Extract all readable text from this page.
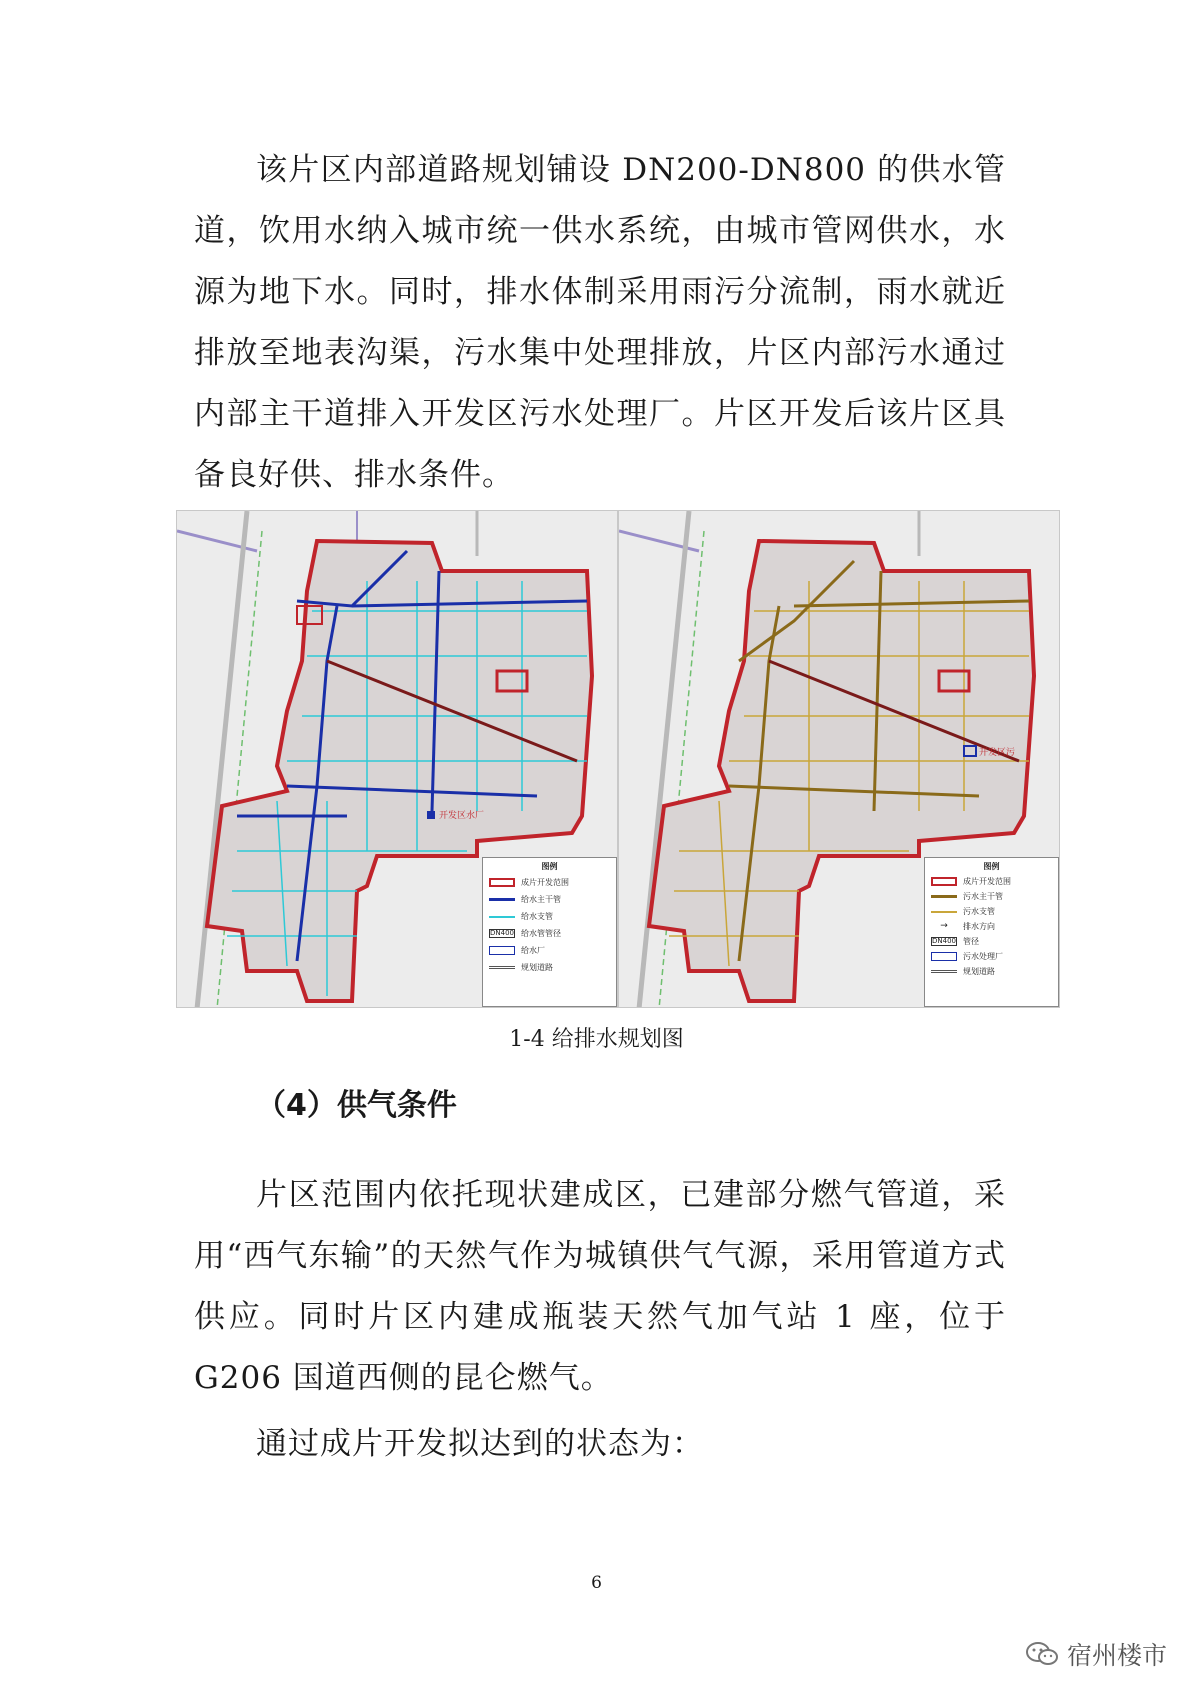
该片区内部道路规划铺设 DN200-DN800 的供水管道，饮用水纳入城市统一供水系统，由城市管网供水，水源为地下水。同时，排水体制采用雨污分流制，雨水就近排放至地表沟渠，污水集中处理排放，片区内部污水通过内部主干道排入开发区污水处理厂。片区开发后该片区具备良好供、排水条件。

开发区水厂
图例
成片开发范围
给水主干管
给水支管
DN400 给水管管径
给水厂
规划道路
开发区污
图例
成片开发范围
污水主干管
污水支管
→	排水方向
DN400 管径
污水处理厂
规划道路

1-4 给排水规划图

（4）供气条件

片区范围内依托现状建成区，已建部分燃气管道，采用“西气东输”的天然气作为城镇供气气源，采用管道方式供应。同时片区内建成瓶装天然气加气站 1 座，位于 G206 国道西侧的昆仑燃气。

通过成片开发拟达到的状态为：

6

宿州楼市
